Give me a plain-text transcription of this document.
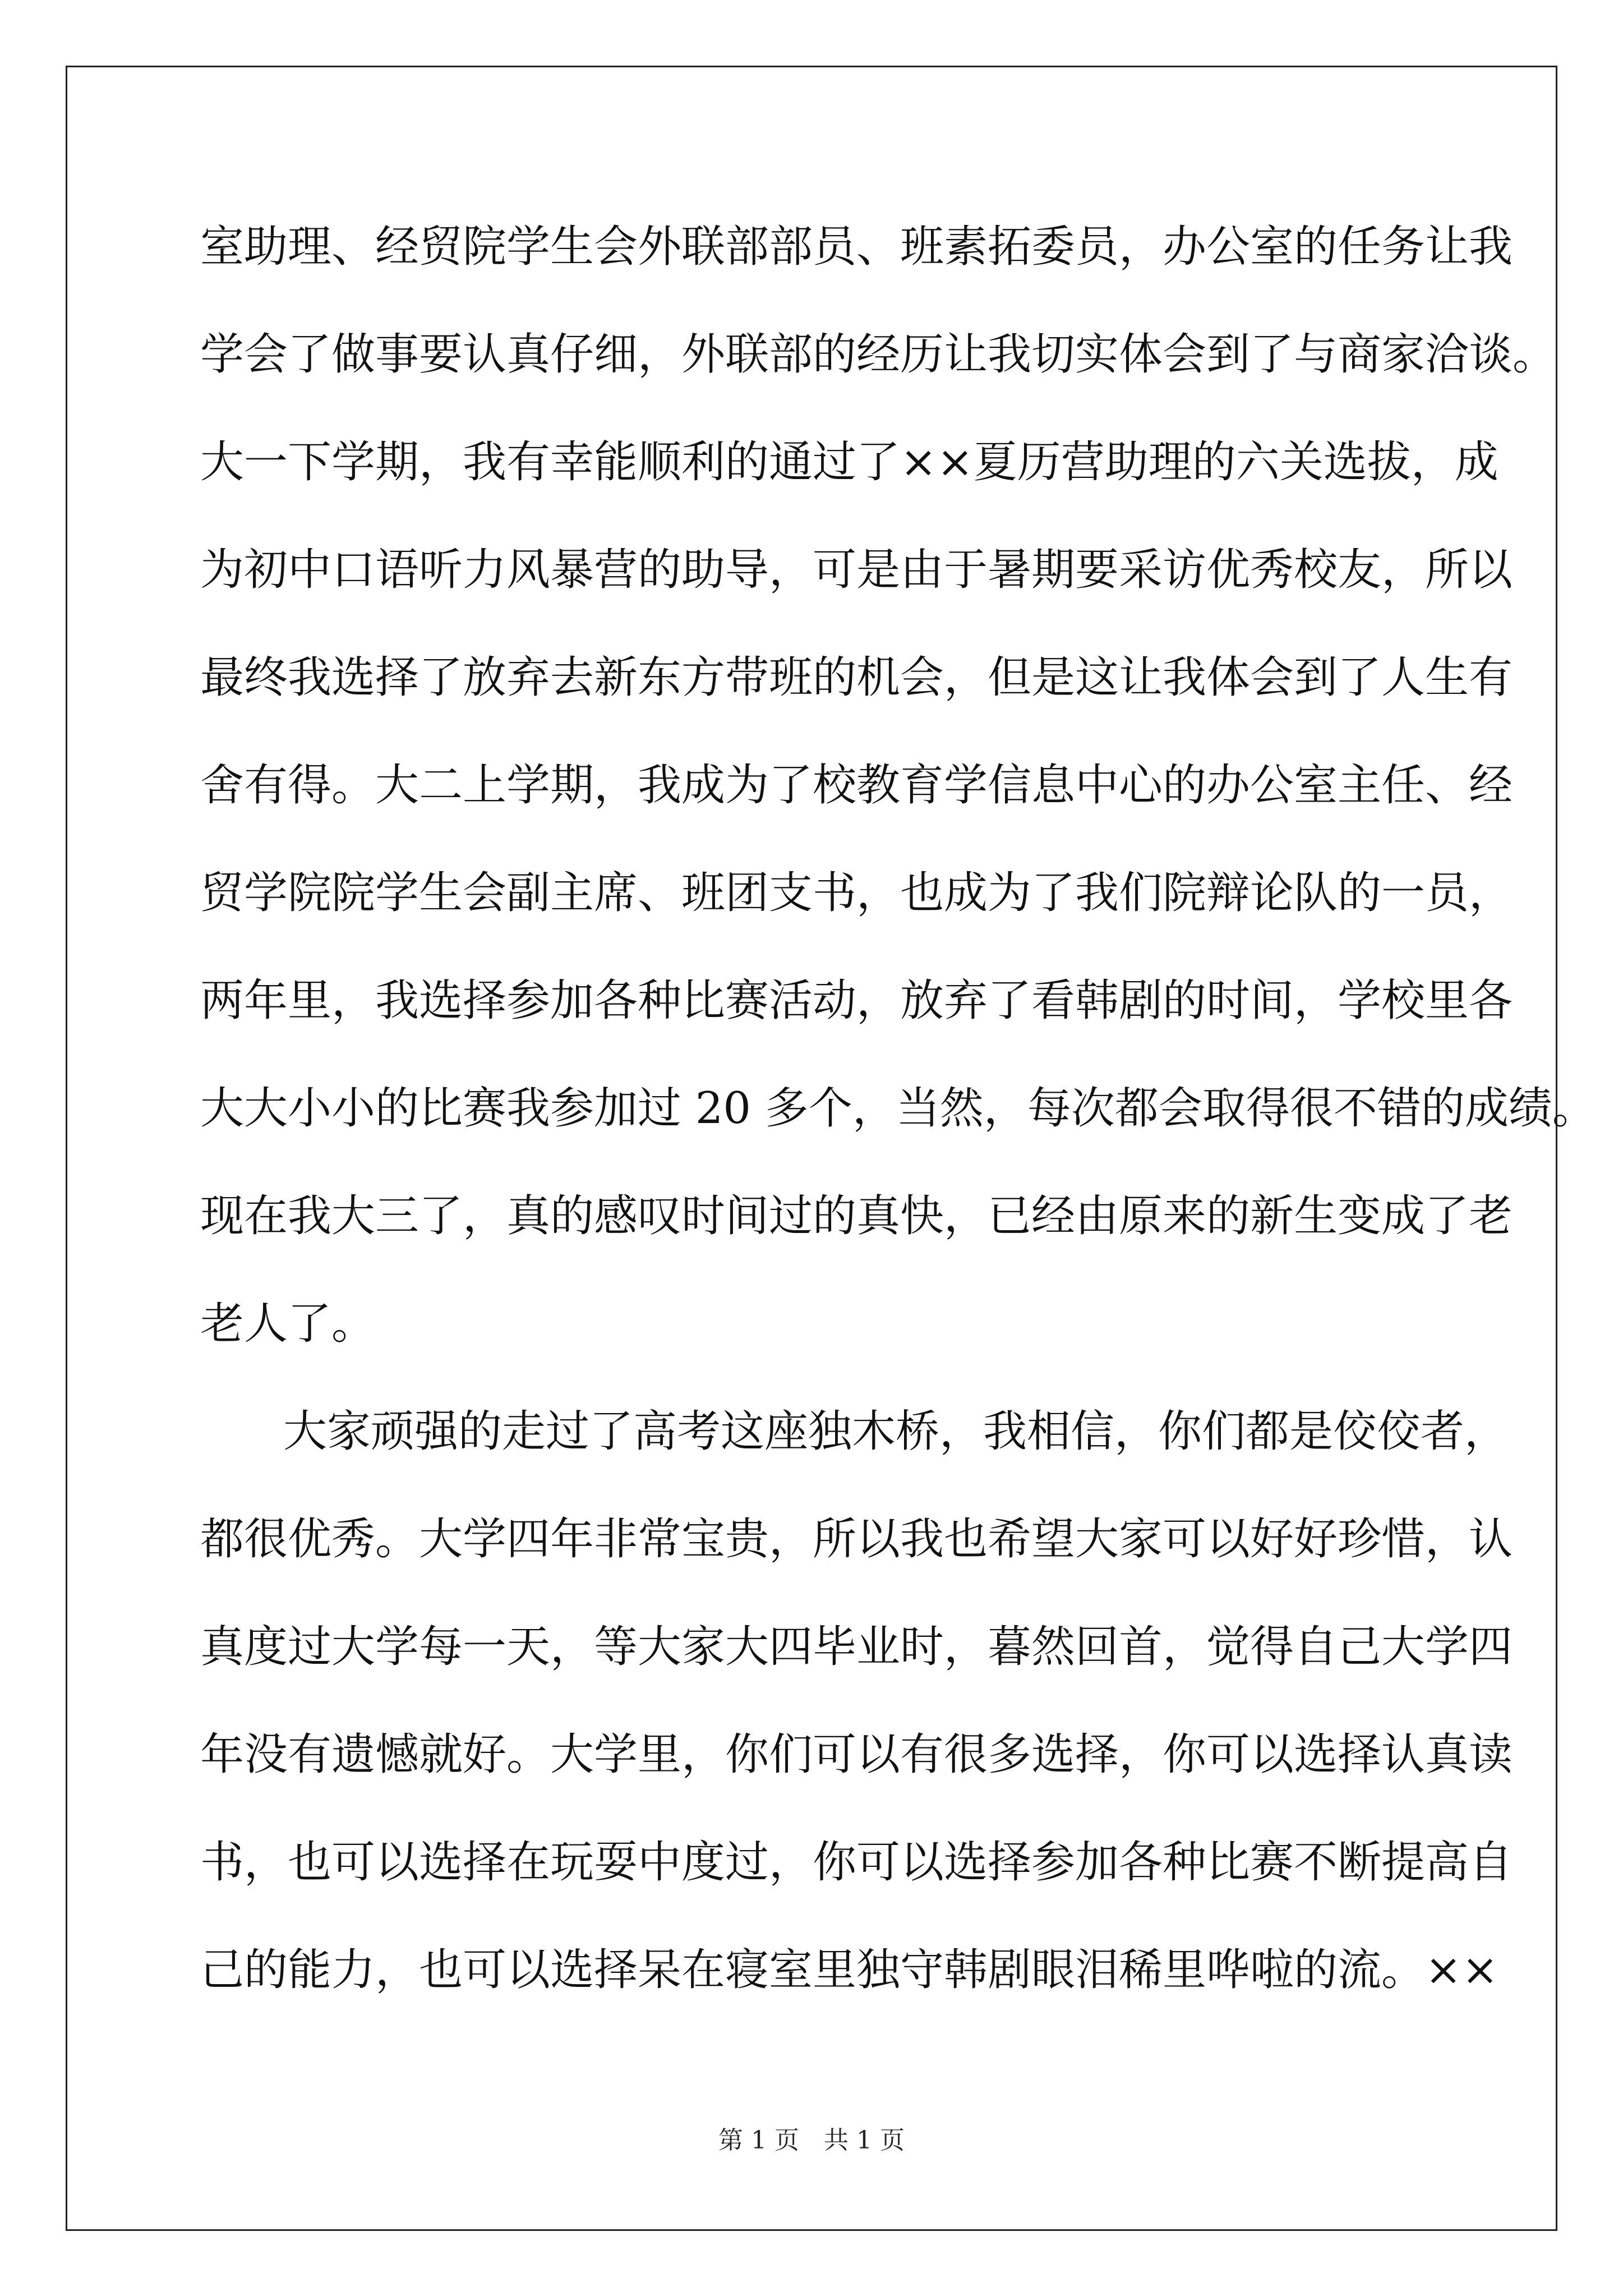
室助理、经贸院学生会外联部部员、班素拓委员，办公室的任务让我
学会了做事要认真仔细，外联部的经历让我切实体会到了与商家洽谈。
大一下学期，我有幸能顺利的通过了××夏历营助理的六关选拔，成
为初中口语听力风暴营的助导，可是由于暑期要采访优秀校友，所以
最终我选择了放弃去新东方带班的机会，但是这让我体会到了人生有
舍有得。大二上学期，我成为了校教育学信息中心的办公室主任、经
贸学院院学生会副主席、班团支书，也成为了我们院辩论队的一员，
两年里，我选择参加各种比赛活动，放弃了看韩剧的时间，学校里各
大大小小的比赛我参加过 20 多个，当然，每次都会取得很不错的成绩。
现在我大三了，真的感叹时间过的真快，已经由原来的新生变成了老
老人了。
大家顽强的走过了高考这座独木桥，我相信，你们都是佼佼者，
都很优秀。大学四年非常宝贵，所以我也希望大家可以好好珍惜，认
真度过大学每一天，等大家大四毕业时，暮然回首，觉得自己大学四
年没有遗憾就好。大学里，你们可以有很多选择，你可以选择认真读
书，也可以选择在玩耍中度过，你可以选择参加各种比赛不断提高自
己的能力，也可以选择呆在寝室里独守韩剧眼泪稀里哗啦的流。××
第 1 页　共 1 页
